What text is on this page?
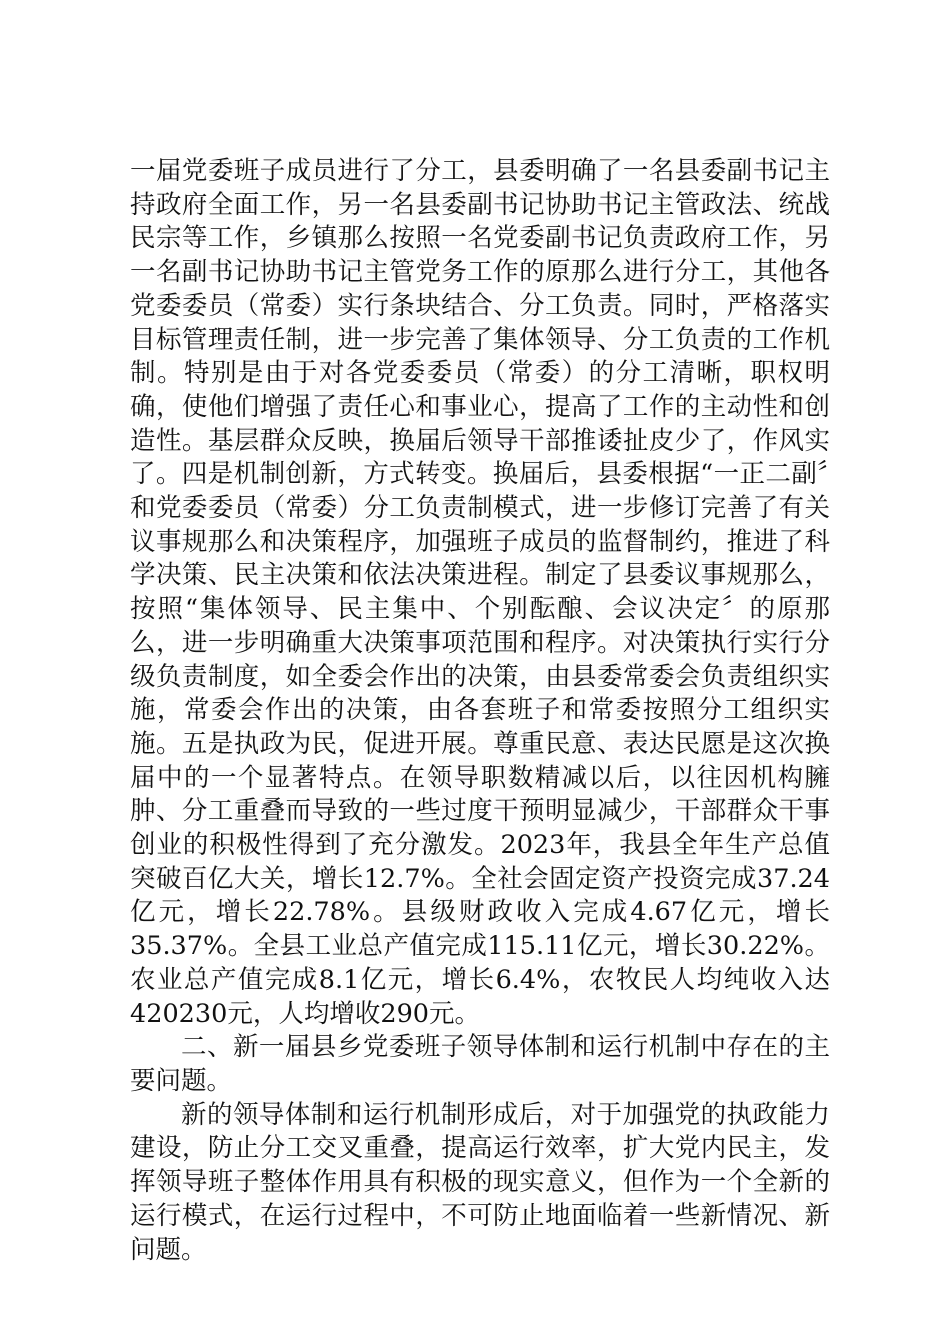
一届党委班子成员进行了分工，县委明确了一名县委副书记主持政府全面工作，另一名县委副书记协助书记主管政法、统战民宗等工作，乡镇那么按照一名党委副书记负责政府工作，另一名副书记协助书记主管党务工作的原那么进行分工，其他各党委委员（常委）实行条块结合、分工负责。同时，严格落实目标管理责任制，进一步完善了集体领导、分工负责的工作机制。特别是由于对各党委委员（常委）的分工清晰，职权明确，使他们增强了责任心和事业心，提高了工作的主动性和创造性。基层群众反映，换届后领导干部推诿扯皮少了，作风实了。四是机制创新，方式转变。换届后，县委根据“一正二副〞和党委委员（常委）分工负责制模式，进一步修订完善了有关议事规那么和决策程序，加强班子成员的监督制约，推进了科学决策、民主决策和依法决策进程。制定了县委议事规那么，按照“集体领导、民主集中、个别酝酿、会议决定〞的原那么，进一步明确重大决策事项范围和程序。对决策执行实行分级负责制度，如全委会作出的决策，由县委常委会负责组织实施，常委会作出的决策，由各套班子和常委按照分工组织实施。五是执政为民，促进开展。尊重民意、表达民愿是这次换届中的一个显著特点。在领导职数精减以后，以往因机构臃肿、分工重叠而导致的一些过度干预明显减少，干部群众干事创业的积极性得到了充分激发。2023年，我县全年生产总值突破百亿大关，增长12.7%。全社会固定资产投资完成37.24亿元，增长22.78%。县级财政收入完成4.67亿元，增长35.37%。全县工业总产值完成115.11亿元，增长30.22%。农业总产值完成8.1亿元，增长6.4%，农牧民人均纯收入达420230元，人均增收290元。

二、新一届县乡党委班子领导体制和运行机制中存在的主要问题。

新的领导体制和运行机制形成后，对于加强党的执政能力建设，防止分工交叉重叠，提高运行效率，扩大党内民主，发挥领导班子整体作用具有积极的现实意义，但作为一个全新的运行模式，在运行过程中，不可防止地面临着一些新情况、新问题。
